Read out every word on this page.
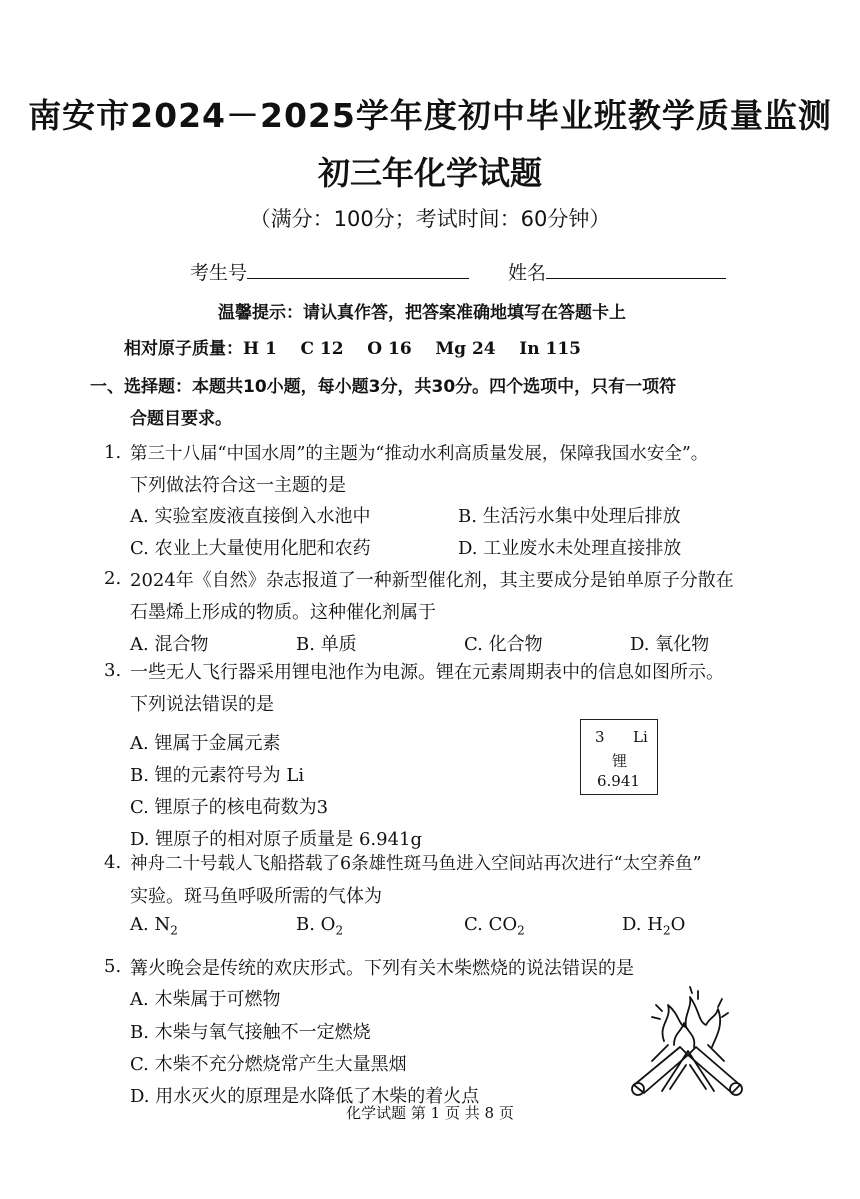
南安市2024－2025学年度初中毕业班教学质量监测
初三年化学试题
（满分：100分；考试时间：60分钟）
考生号	姓名
温馨提示：请认真作答，把答案准确地填写在答题卡上
相对原子质量：H 1    C 12    O 16    Mg 24    In 115
一、选择题：本题共10小题，每小题3分，共30分。四个选项中，只有一项符
合题目要求。
1. 第三十八届“中国水周”的主题为“推动水利高质量发展，保障我国水安全”。
下列做法符合这一主题的是
A. 实验室废液直接倒入水池中	B. 生活污水集中处理后排放
C. 农业上大量使用化肥和农药	D. 工业废水未处理直接排放
2. 2024年《自然》杂志报道了一种新型催化剂，其主要成分是铂单原子分散在
石墨烯上形成的物质。这种催化剂属于
A. 混合物	B. 单质	C. 化合物	D. 氧化物
3. 一些无人飞行器采用锂电池作为电源。锂在元素周期表中的信息如图所示。
下列说法错误的是
A. 锂属于金属元素
B. 锂的元素符号为 Li
C. 锂原子的核电荷数为3
D. 锂原子的相对原子质量是 6.941g
3 Li
锂
6.941
4. 神舟二十号载人飞船搭载了6条雄性斑马鱼进入空间站再次进行“太空养鱼”
实验。斑马鱼呼吸所需的气体为
A. $N_2$	B. $O_2$	C. $CO_2$	D. $H_2O$
5. 篝火晚会是传统的欢庆形式。下列有关木柴燃烧的说法错误的是
A. 木柴属于可燃物
B. 木柴与氧气接触不一定燃烧
C. 木柴不充分燃烧常产生大量黑烟
D. 用水灭火的原理是水降低了木柴的着火点
化学试题 第 1 页 共 8 页
